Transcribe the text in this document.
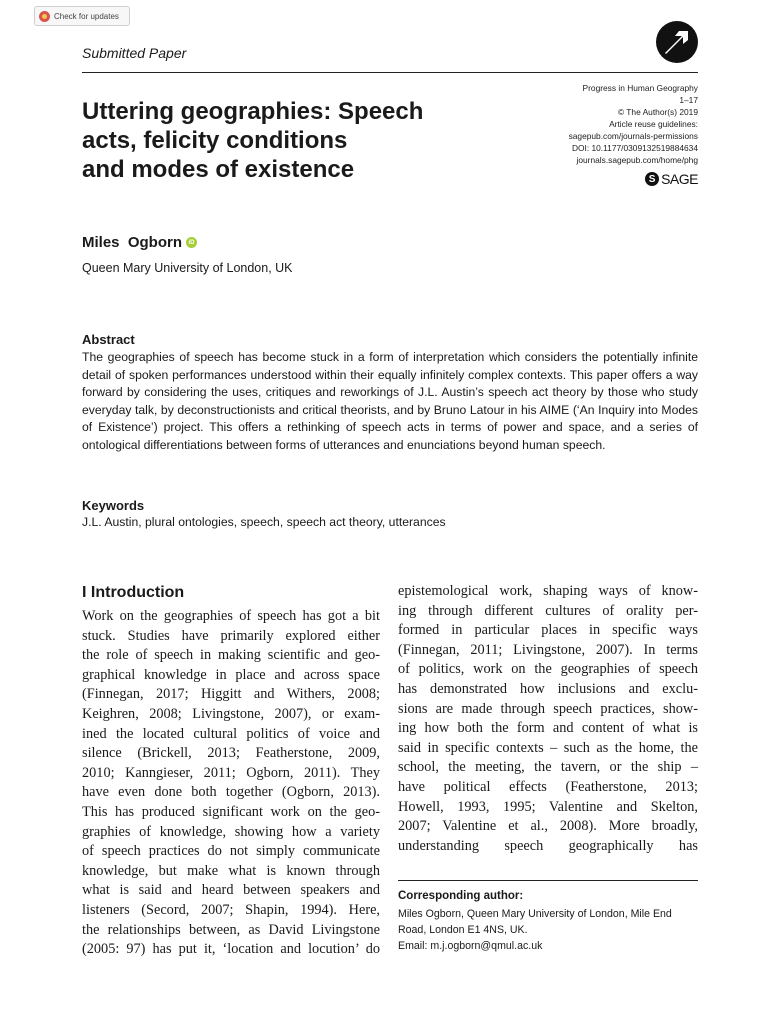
Check for updates
Submitted Paper
Progress in Human Geography
1–17
© The Author(s) 2019
Article reuse guidelines:
sagepub.com/journals-permissions
DOI: 10.1177/0309132519884634
journals.sagepub.com/home/phg
S SAGE
Uttering geographies: Speech
acts, felicity conditions
and modes of existence
Miles  Ogborn	iD
Queen Mary University of London, UK
Abstract
The geographies of speech has become stuck in a form of interpretation which considers the potentially infinite detail of spoken performances understood within their equally infinitely complex contexts. This paper offers a way forward by considering the uses, critiques and reworkings of J.L. Austin’s speech act theory by those who study everyday talk, by deconstructionists and critical theorists, and by Bruno Latour in his AIME (‘An Inquiry into Modes of Existence’) project. This offers a rethinking of speech acts in terms of power and space, and a series of ontological differentiations between forms of utterances and enunciations beyond human speech.
Keywords
J.L. Austin, plural ontologies, speech, speech act theory, utterances
I Introduction
Work on the geographies of speech has got a bit
stuck. Studies have primarily explored either
the role of speech in making scientific and geo-
graphical knowledge in place and across space
(Finnegan, 2017; Higgitt and Withers, 2008;
Keighren, 2008; Livingstone, 2007), or exam-
ined the located cultural politics of voice and
silence (Brickell, 2013; Featherstone, 2009,
2010; Kanngieser, 2011; Ogborn, 2011). They
have even done both together (Ogborn, 2013).
This has produced significant work on the geo-
graphies of knowledge, showing how a variety
of speech practices do not simply communicate
knowledge, but make what is known through
what is said and heard between speakers and
listeners (Secord, 2007; Shapin, 1994). Here,
the relationships between, as David Livingstone
(2005: 97) has put it, ‘location and locution’ do
epistemological work, shaping ways of know-
ing through different cultures of orality per-
formed in particular places in specific ways
(Finnegan, 2011; Livingstone, 2007). In terms
of politics, work on the geographies of speech
has demonstrated how inclusions and exclu-
sions are made through speech practices, show-
ing how both the form and content of what is
said in specific contexts – such as the home, the
school, the meeting, the tavern, or the ship –
have political effects (Featherstone, 2013;
Howell, 1993, 1995; Valentine and Skelton,
2007; Valentine et al., 2008). More broadly,
understanding speech geographically has
Corresponding author:
Miles Ogborn, Queen Mary University of London, Mile End
Road, London E1 4NS, UK.
Email: m.j.ogborn@qmul.ac.uk
